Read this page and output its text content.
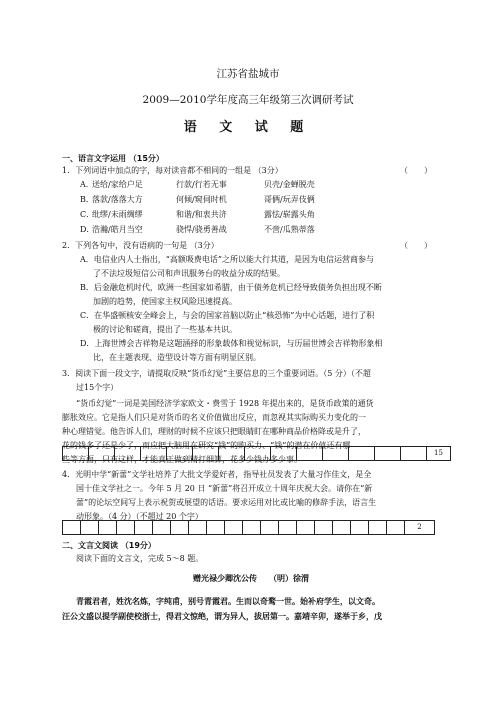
江苏省盐城市
2009—2010学年度高三年级第三次调研考试
语 文 试 题
一、语言文字运用 （15分）
1．下列词语中加点的字，每对读音都不相同的一组是 （3分）	（　　）
A．
送给/家给户足	行款/行若无事	贝壳/金蝉脱壳
B．
落款/落落大方	何倾/窥伺时机	哥俩/玩弄伎俩
C．
纰缪/未雨绸缪	和谐/和衷共济	露怯/崭露头角
D．
浩瀚/皓月当空	骁悍/骁勇善战	不啻/瓜熟蒂落
2．下列各句中，没有语病的一句是 （3分）	（　　）
A．电信业内人士指出，“高额吸费电话”之所以能大行其道，是因为电信运营商参与
了不法垃圾短信公司和声讯服务台的收益分成的结果。
B．后金融危机时代，欧洲一些国家如希腊，由于债务危机已经导致债务负担出现不断
加剧的趋势，使国家主权风险迅速提高。
C．在华盛顿核安全峰会上，与会的国家首脑以防止“核恐怖”为中心话题，进行了积
极的讨论和磋商，提出了一些基本共识。
D．上海世博会吉祥物是这题涵择的形象载体和视觉标识，与历届世博会吉祥物形象相
比，在主题表现、造型设计等方面有明显区别。
3．阅读下面一段文字，请提取反映“货币幻觉”主要信息的三个重要词语。（5 分）（不超
过15个字）
“货币幻觉”一词是美国经济学家欧文・费雪于 1928 年提出来的，是货币政策的通货
膨胀效应。它是指人们只是对货币的名义价值做出反应，而忽视其实际购买力变化的一
种心理错觉。他告诉人们，理财的时候不应该只把眼睛盯在哪种商品价格降或是升了，
花的钱多了还是少了，而应把大脑用在研究“钱”的购买力、“钱”的潜在价值还有哪
些等方面，只有这样，才能真正做到精打细算，花多少钱办多少事。
15
4．光明中学“新蕾”文学社培养了大批文学爱好者，指导社员发表了大量习作佳文，是全
国十佳文学社之一。今年 5 月 20 日 “新蕾”将召开成立十周年庆祝大会。请你在“新
蕾”的论坛空间写上表示祝贺或展望的话语。要求运用对比或比喻的修辞手法，语言生
动形象。（4 分）（不超过 20 个字）
2
二、文言文阅读 （19分）
阅读下面的文言文，完成 5～8 题。
赠光禄少卿沈公传　　（明）徐渭
青霞君者，姓沈名炼，字纯甫，别号青霞君。生而以奇鹜一世。始补府学生，以文奇。
汪公文盛以提学副使校浙士，得君文惊绝，谓为异人，拔居第一。嘉靖辛卯，遂举于乡，戊
